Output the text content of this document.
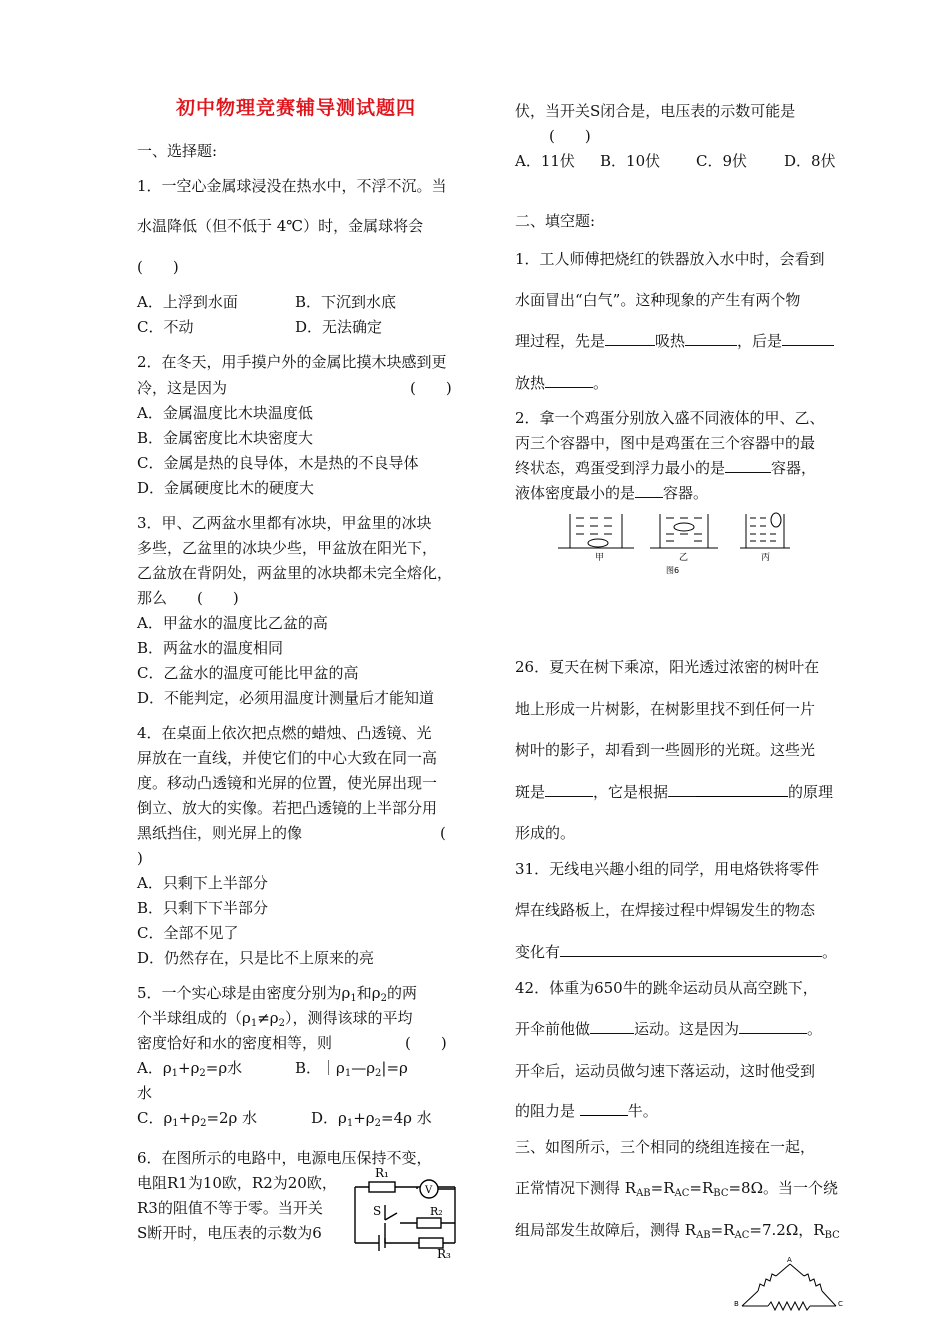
初中物理竞赛辅导测试题四
一、选择题:
1．一空心金属球浸没在热水中，不浮不沉。当
水温降低（但不低于 4℃）时，金属球将会
(　　)
A．上浮到水面	B．下沉到水底
C．不动	D．无法确定
2．在冬天，用手摸户外的金属比摸木块感到更
冷，这是因为	(　　)
A．金属温度比木块温度低
B．金属密度比木块密度大
C．金属是热的良导体，木是热的不良导体
D．金属硬度比木的硬度大
3．甲、乙两盆水里都有冰块，甲盆里的冰块
多些，乙盆里的冰块少些，甲盆放在阳光下，
乙盆放在背阴处，两盆里的冰块都未完全熔化，
那么　　(　　)
A．甲盆水的温度比乙盆的高
B．两盆水的温度相同
C．乙盆水的温度可能比甲盆的高
D．不能判定，必须用温度计测量后才能知道
4．在桌面上依次把点燃的蜡烛、凸透镜、光
屏放在一直线，并使它们的中心大致在同一高
度。移动凸透镜和光屏的位置，使光屏出现一
倒立、放大的实像。若把凸透镜的上半部分用
黑纸挡住，则光屏上的像	(
)
A．只剩下上半部分
B．只剩下下半部分
C．全部不见了
D．仍然存在，只是比不上原来的亮
5．一个实心球是由密度分别为$\rho_1$和$\rho_2$的两
个半球组成的$(\rho_1\ne\rho_2)$，测得该球的平均
密度恰好和水的密度相等，则	(　　)
A．$\rho_1+\rho_2=\rho$水	B．$|\rho_1—\rho_2|=\rho$
水
C．$\rho_1+\rho_2=2\rho$ 水	D．$\rho_1+\rho_2=4\rho$ 水
6．在图所示的电路中，电源电压保持不变，
电阻R1为10欧，R2为20欧，
R3的阻值不等于零。当开关
S断开时，电压表的示数为6
R₁
V
S	R₂
R₃
伏，当开关S闭合是，电压表的示数可能是
(　　)
A．11伏 B．10伏 C．9伏 D．8伏
二、填空题:
1．工人师傅把烧红的铁器放入水中时，会看到
水面冒出“白气”。这种现象的产生有两个物
理过程，先是	吸热	，后是
放热	。
2．拿一个鸡蛋分别放入盛不同液体的甲、乙、
丙三个容器中，图中是鸡蛋在三个容器中的最
终状态，鸡蛋受到浮力最小的是	容器，
液体密度最小的是 容器。
甲	乙	丙
图6
26．夏天在树下乘凉，阳光透过浓密的树叶在
地上形成一片树影，在树影里找不到任何一片
树叶的影子，却看到一些圆形的光斑。这些光
斑是	，它是根据	的原理
形成的。
31．无线电兴趣小组的同学，用电烙铁将零件
焊在线路板上，在焊接过程中焊锡发生的物态
变化有	。
42．体重为650牛的跳伞运动员从高空跳下，
开伞前他做	运动。这是因为	。
开伞后，运动员做匀速下落运动，这时他受到
的阻力是	牛。
三、如图所示，三个相同的绕组连接在一起，
正常情况下测得 $R_{AB}=R_{AC}=R_{BC}=8\Omega$。当一个绕
组局部发生故障后，测得 $R_{AB}=R_{AC}=7.2\Omega$，$R_{BC}$
A
B	C
